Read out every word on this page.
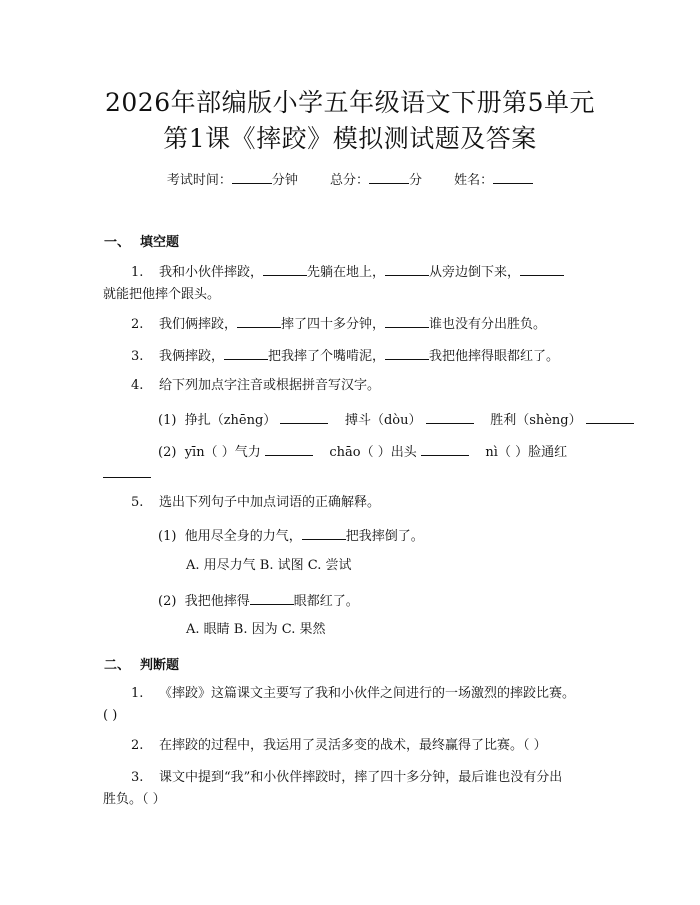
2026年部编版小学五年级语文下册第5单元
第1课《摔跤》模拟测试题及答案
考试时间：	分钟 总分：	分 姓名：
一、 填空题
1. 我和小伙伴摔跤，	先躺在地上，	从旁边倒下来，
就能把他摔个跟头。
2. 我们俩摔跤，	摔了四十多分钟，	谁也没有分出胜负。
3. 我俩摔跤，	把我摔了个嘴啃泥，	我把他摔得眼都红了。
4. 给下列加点字注音或根据拼音写汉字。
(1) 挣扎（zhēng）	搏斗（dòu）	胜利（shèng）
(2) yīn（ ）气力	chāo（ ）出头	nì（ ）脸通红
5. 选出下列句子中加点词语的正确解释。
(1) 他用尽全身的力气，	把我摔倒了。
A. 用尽力气 B. 试图 C. 尝试
(2) 我把他摔得	眼都红了。
A. 眼睛 B. 因为 C. 果然
二、 判断题
1. 《摔跤》这篇课文主要写了我和小伙伴之间进行的一场激烈的摔跤比赛。
( )
2. 在摔跤的过程中，我运用了灵活多变的战术，最终赢得了比赛。（ ）
3. 课文中提到“我”和小伙伴摔跤时，摔了四十多分钟，最后谁也没有分出
胜负。（ ）
